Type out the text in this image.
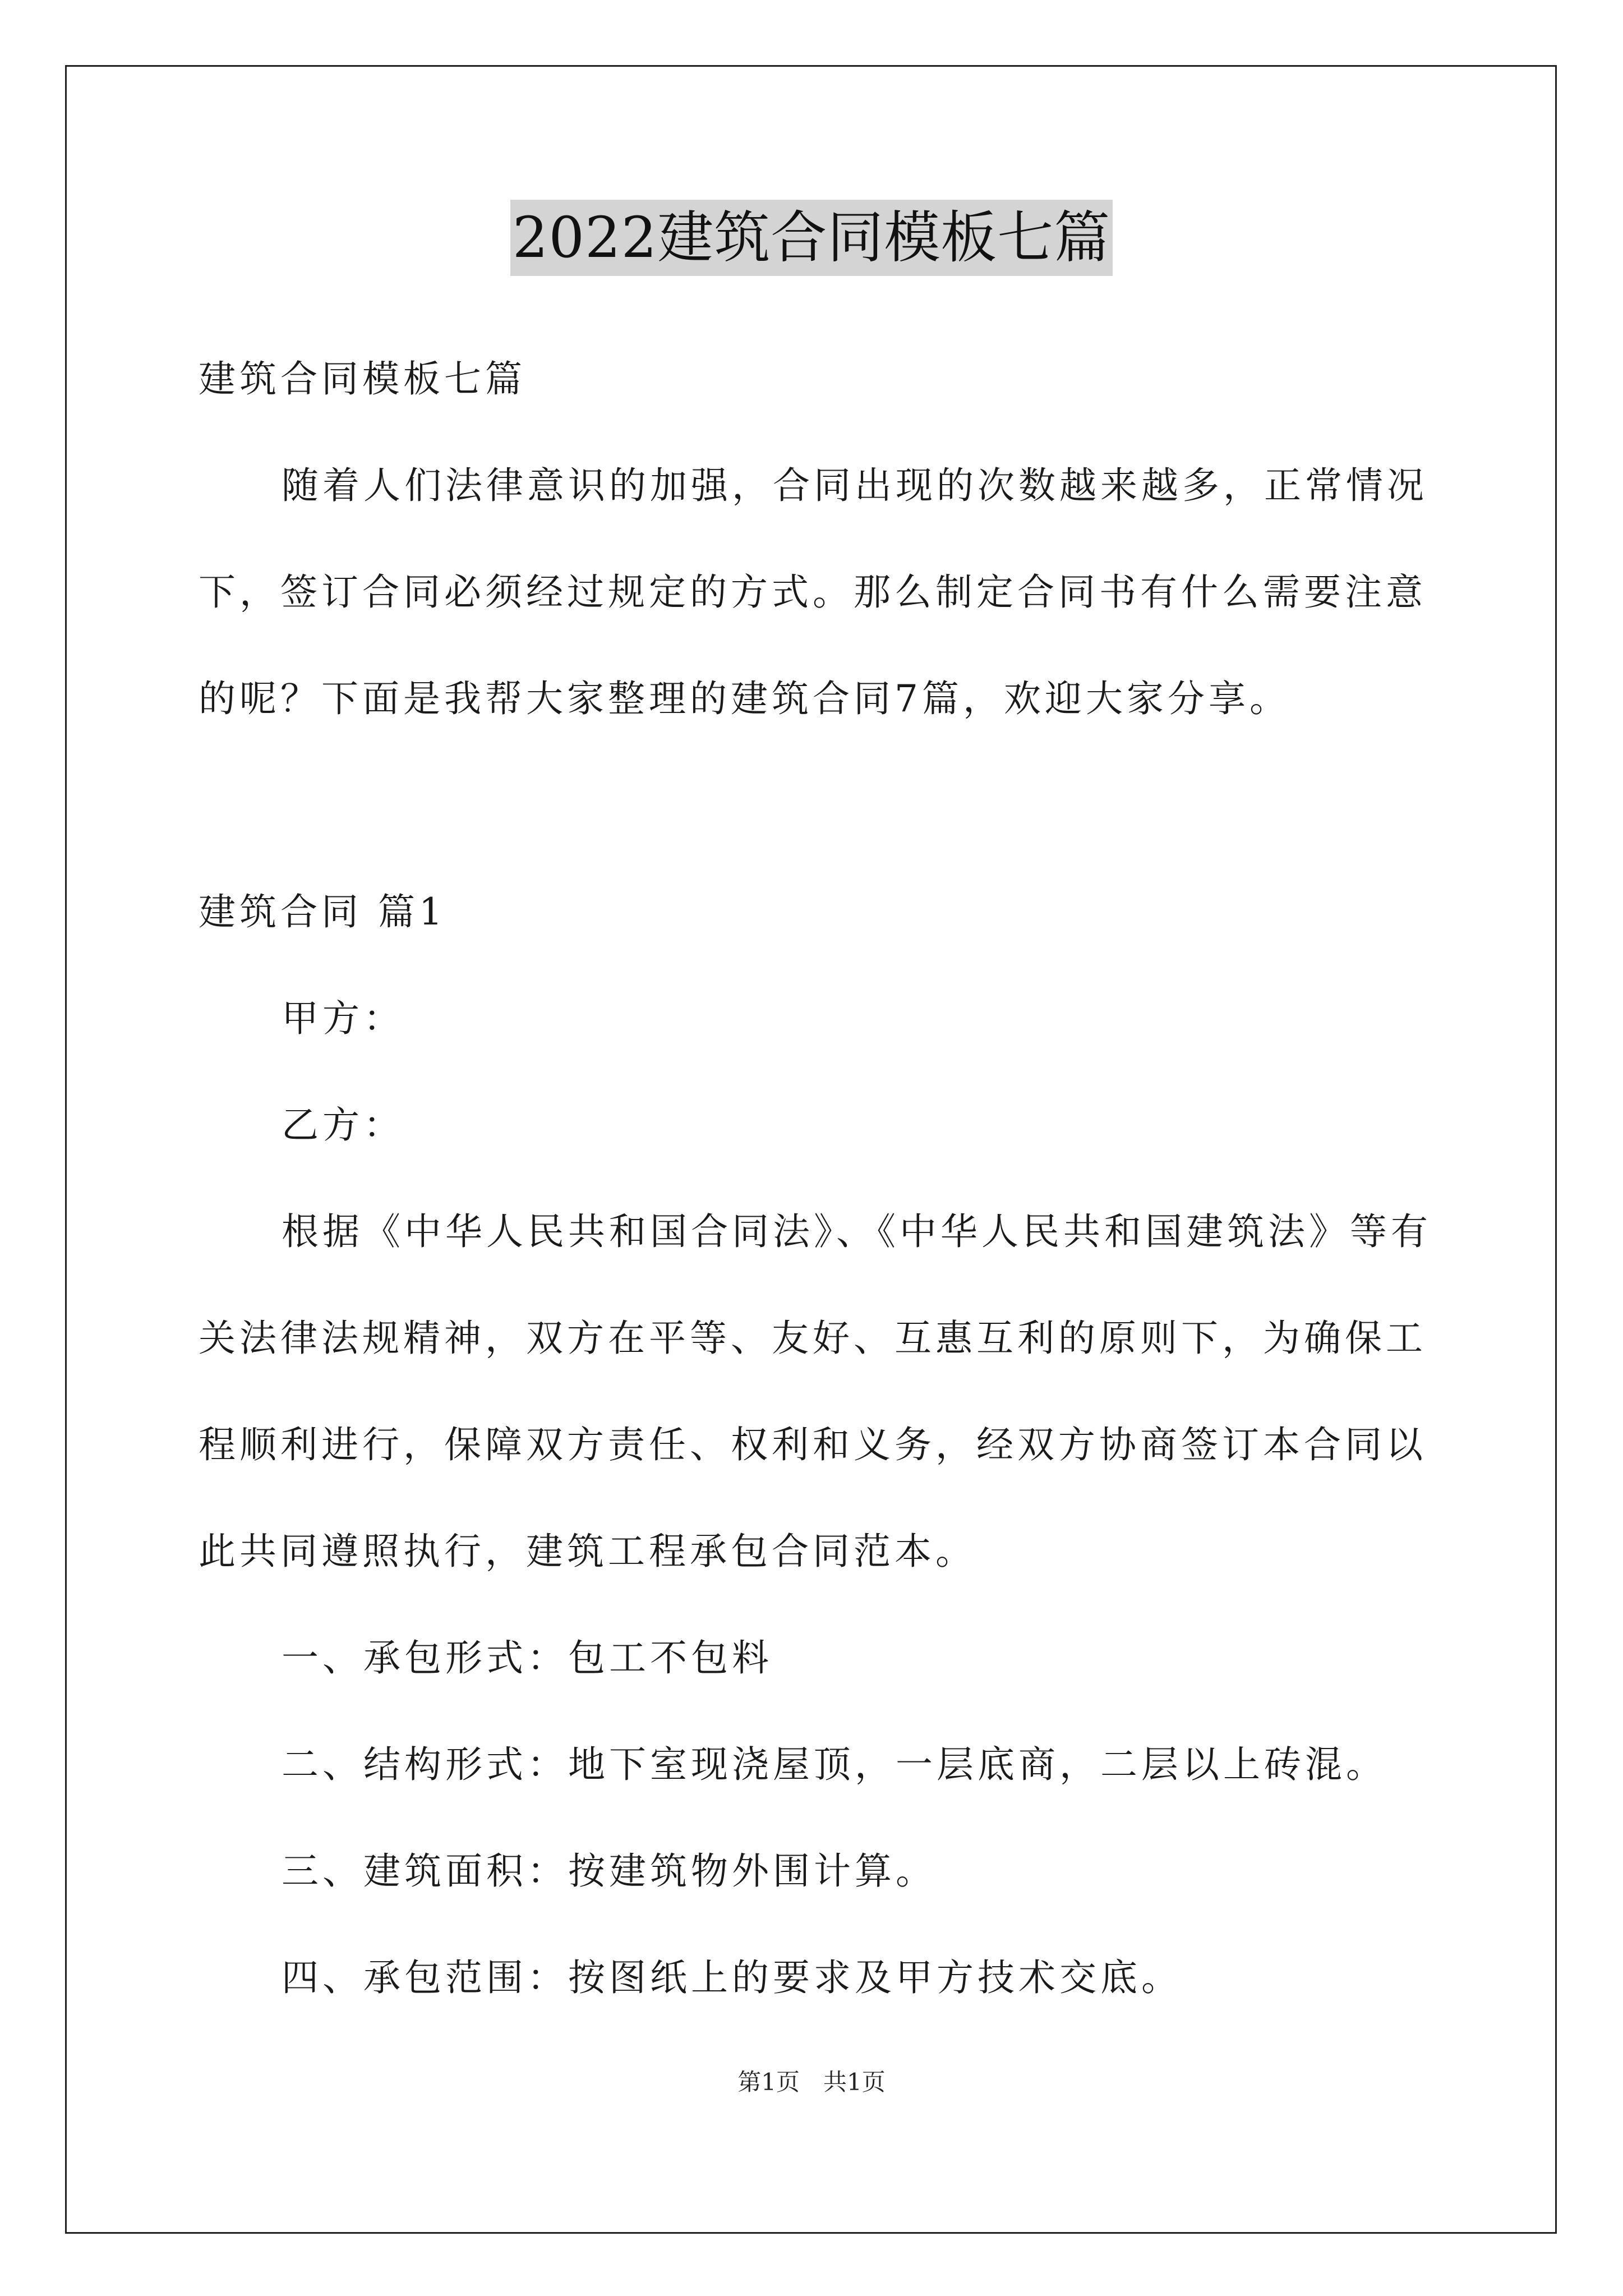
2022建筑合同模板七篇
建筑合同模板七篇
随着人们法律意识的加强，合同出现的次数越来越多，正常情况
下，签订合同必须经过规定的方式。那么制定合同书有什么需要注意
的呢？下面是我帮大家整理的建筑合同7篇，欢迎大家分享。
建筑合同 篇1
甲方：
乙方：
根据《中华人民共和国合同法》、《中华人民共和国建筑法》等有
关法律法规精神，双方在平等、友好、互惠互利的原则下，为确保工
程顺利进行，保障双方责任、权利和义务，经双方协商签订本合同以
此共同遵照执行，建筑工程承包合同范本。
一、承包形式：包工不包料
二、结构形式：地下室现浇屋顶，一层底商，二层以上砖混。
三、建筑面积：按建筑物外围计算。
四、承包范围：按图纸上的要求及甲方技术交底。
第1页　共1页
